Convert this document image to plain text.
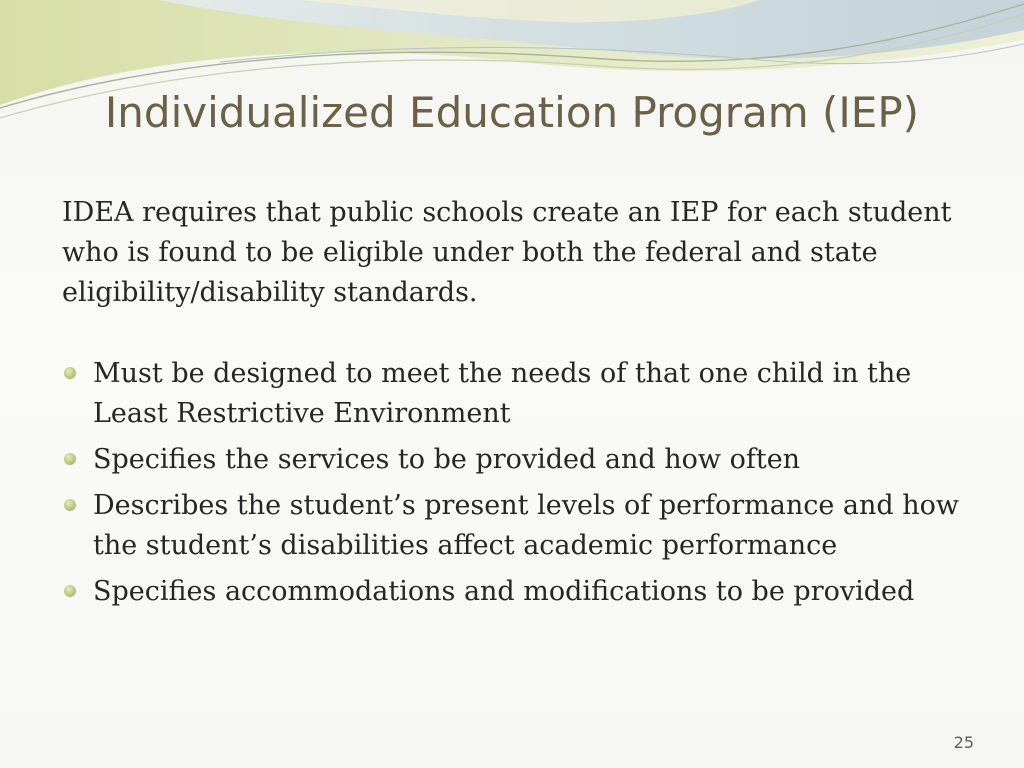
Individualized Education Program (IEP)

IDEA requires that public schools create an IEP for each student who is found to be eligible under both the federal and state eligibility/disability standards.

Must be designed to meet the needs of that one child in the Least Restrictive Environment
Specifies the services to be provided and how often
Describes the student’s present levels of performance and how the student’s disabilities affect academic performance
Specifies accommodations and modifications to be provided
25
